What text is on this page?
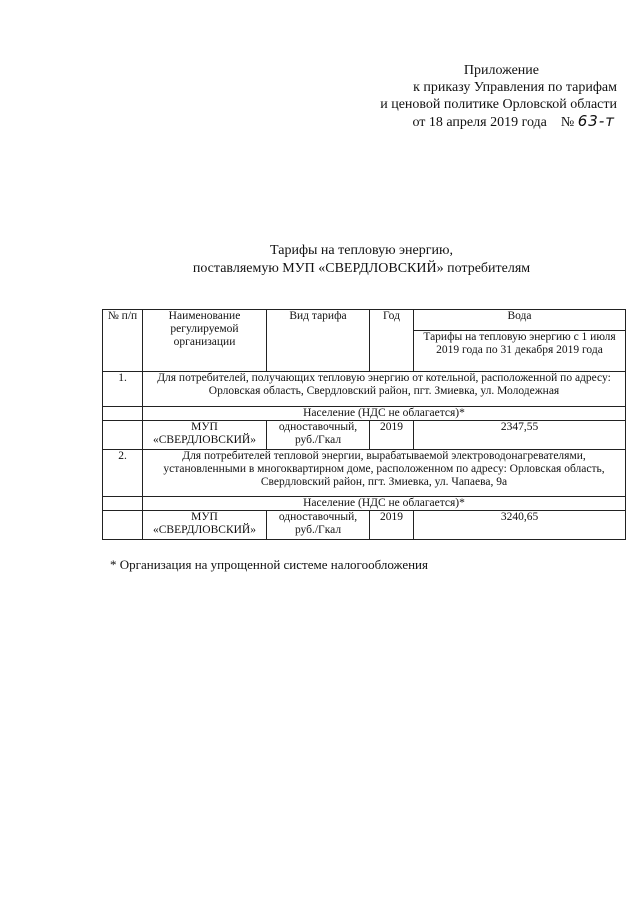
Приложение
к приказу Управления по тарифам
и ценовой политике Орловской области
от 18 апреля 2019 года № 63-т
Тарифы на тепловую энергию,
поставляемую МУП «СВЕРДЛОВСКИЙ» потребителям
№ п/п	Наименование регулируемой организации	Вид тарифа	Год	Вода
				Тарифы на тепловую энергию с 1 июля 2019 года по 31 декабря 2019 года
1.	Для потребителей, получающих тепловую энергию от котельной, расположенной по адресу: Орловская область, Свердловский район, пгт. Змиевка, ул. Молодежная			
	Население (НДС не облагается)*			
	МУП «СВЕРДЛОВСКИЙ»	одноставочный, руб./Гкал	2019	2347,55
2.	Для потребителей тепловой энергии, вырабатываемой электроводонагревателями, установленными в многоквартирном доме, расположенном по адресу: Орловская область, Свердловский район, пгт. Змиевка, ул. Чапаева, 9а			
	Население (НДС не облагается)*			
	МУП «СВЕРДЛОВСКИЙ»	одноставочный, руб./Гкал	2019	3240,65
* Организация на упрощенной системе налогообложения
